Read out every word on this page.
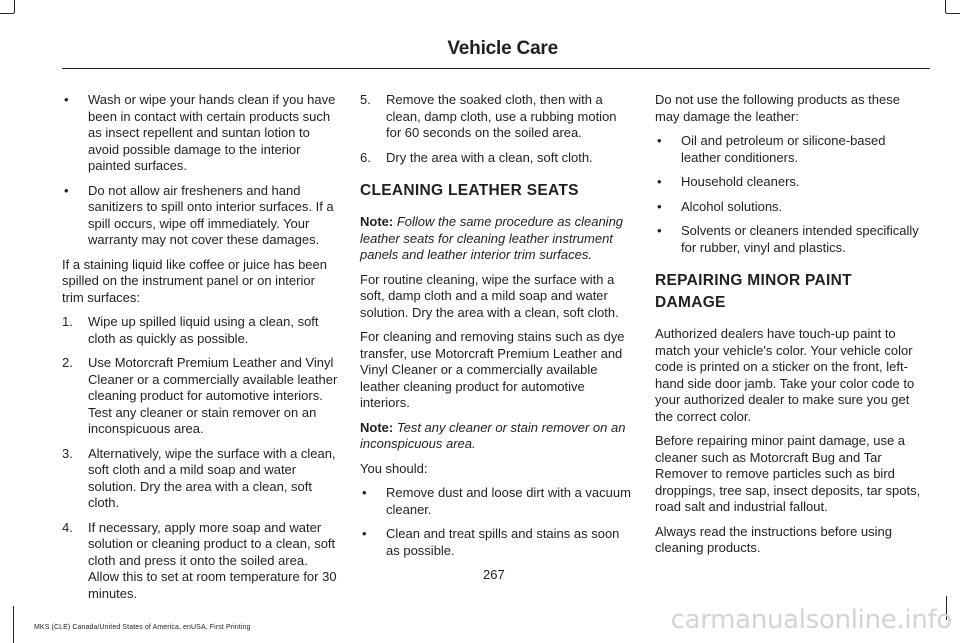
Vehicle Care
• Wash or wipe your hands clean if you have been in contact with certain products such as insect repellent and suntan lotion to avoid possible damage to the interior painted surfaces.
• Do not allow air fresheners and hand sanitizers to spill onto interior surfaces. If a spill occurs, wipe off immediately. Your warranty may not cover these damages.

If a staining liquid like coffee or juice has been spilled on the instrument panel or on interior trim surfaces:

1. Wipe up spilled liquid using a clean, soft cloth as quickly as possible.
2. Use Motorcraft Premium Leather and Vinyl Cleaner or a commercially available leather cleaning product for automotive interiors. Test any cleaner or stain remover on an inconspicuous area.
3. Alternatively, wipe the surface with a clean, soft cloth and a mild soap and water solution. Dry the area with a clean, soft cloth.
4. If necessary, apply more soap and water solution or cleaning product to a clean, soft cloth and press it onto the soiled area. Allow this to set at room temperature for 30 minutes.
5. Remove the soaked cloth, then with a clean, damp cloth, use a rubbing motion for 60 seconds on the soiled area.
6. Dry the area with a clean, soft cloth.
CLEANING LEATHER SEATS

Note: Follow the same procedure as cleaning leather seats for cleaning leather instrument panels and leather interior trim surfaces.

For routine cleaning, wipe the surface with a soft, damp cloth and a mild soap and water solution. Dry the area with a clean, soft cloth.

For cleaning and removing stains such as dye transfer, use Motorcraft Premium Leather and Vinyl Cleaner or a commercially available leather cleaning product for automotive interiors.

Note: Test any cleaner or stain remover on an inconspicuous area.

You should:

• Remove dust and loose dirt with a vacuum cleaner.
• Clean and treat spills and stains as soon as possible.

Do not use the following products as these may damage the leather:

• Oil and petroleum or silicone-based leather conditioners.
• Household cleaners.
• Alcohol solutions.
• Solvents or cleaners intended specifically for rubber, vinyl and plastics.
REPAIRING MINOR PAINT DAMAGE

Authorized dealers have touch-up paint to match your vehicle's color. Your vehicle color code is printed on a sticker on the front, left-hand side door jamb. Take your color code to your authorized dealer to make sure you get the correct color.

Before repairing minor paint damage, use a cleaner such as Motorcraft Bug and Tar Remover to remove particles such as bird droppings, tree sap, insect deposits, tar spots, road salt and industrial fallout.

Always read the instructions before using cleaning products.

267
MKS (CLE) Canada/United States of America, enUSA, First Printing	carmanualsonline.info
